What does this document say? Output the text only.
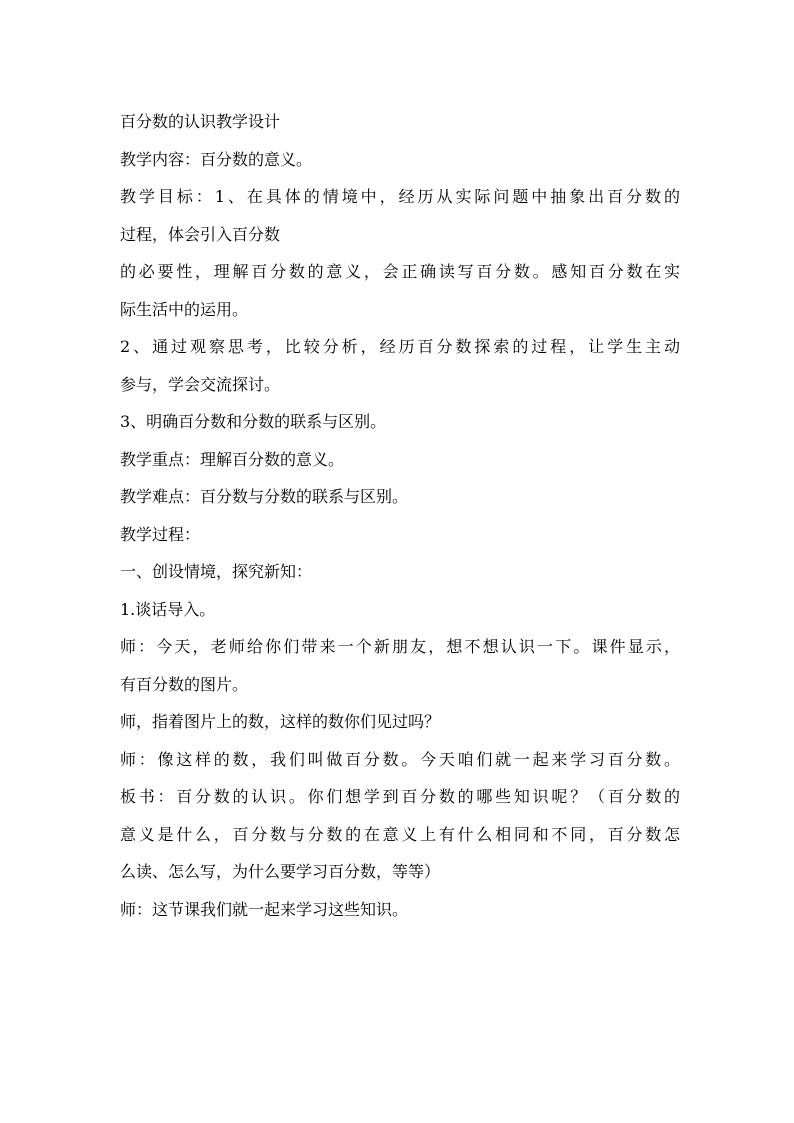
百分数的认识教学设计
教学内容：百分数的意义。
教学目标：1、在具体的情境中，经历从实际问题中抽象出百分数的
过程，体会引入百分数
的必要性，理解百分数的意义，会正确读写百分数。感知百分数在实
际生活中的运用。
2、通过观察思考，比较分析，经历百分数探索的过程，让学生主动
参与，学会交流探讨。
3、明确百分数和分数的联系与区别。
教学重点：理解百分数的意义。
教学难点：百分数与分数的联系与区别。
教学过程：
一、创设情境，探究新知：
1.谈话导入。
师：今天，老师给你们带来一个新朋友，想不想认识一下。课件显示，
有百分数的图片。
师，指着图片上的数，这样的数你们见过吗？
师：像这样的数，我们叫做百分数。今天咱们就一起来学习百分数。
板书：百分数的认识。你们想学到百分数的哪些知识呢？（百分数的
意义是什么，百分数与分数的在意义上有什么相同和不同，百分数怎
么读、怎么写，为什么要学习百分数，等等）
师：这节课我们就一起来学习这些知识。
